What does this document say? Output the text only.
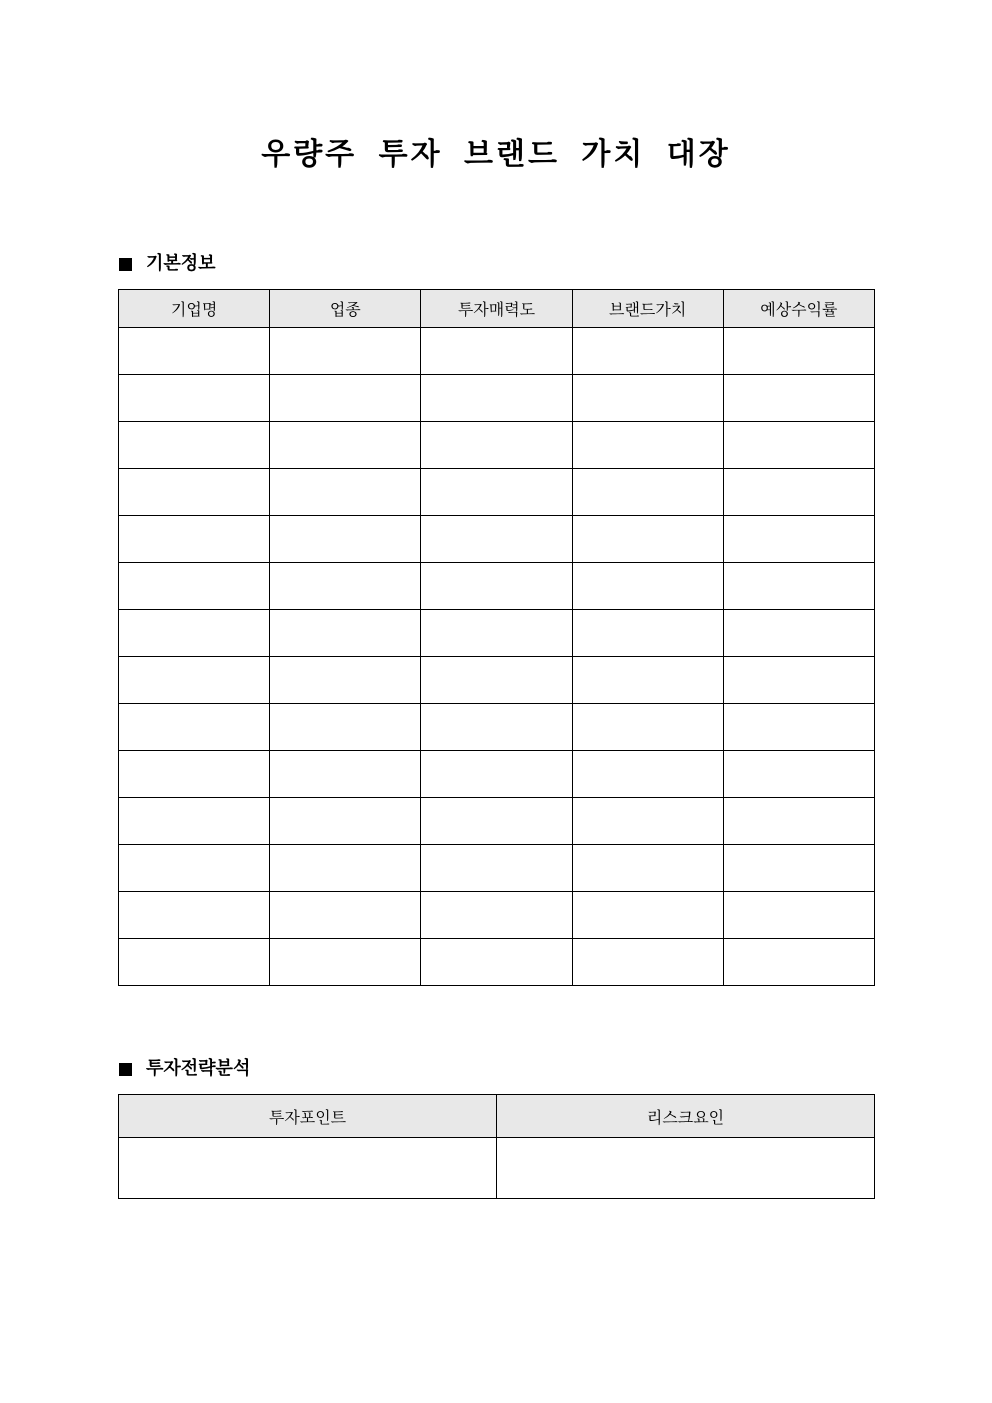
우량주 투자 브랜드 가치 대장
기본정보
기업명	업종	투자매력도	브랜드가치	예상수익률

투자전략분석
투자포인트	리스크요인
